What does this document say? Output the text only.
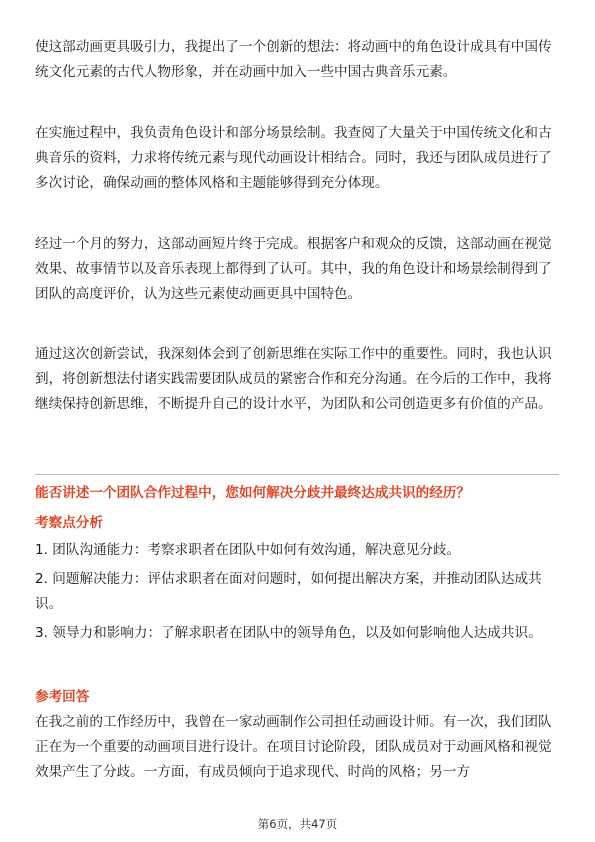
使这部动画更具吸引力，我提出了一个创新的想法：将动画中的角色设计成具有中国传统文化元素的古代人物形象，并在动画中加入一些中国古典音乐元素。

在实施过程中，我负责角色设计和部分场景绘制。我查阅了大量关于中国传统文化和古典音乐的资料，力求将传统元素与现代动画设计相结合。同时，我还与团队成员进行了多次讨论，确保动画的整体风格和主题能够得到充分体现。

经过一个月的努力，这部动画短片终于完成。根据客户和观众的反馈，这部动画在视觉效果、故事情节以及音乐表现上都得到了认可。其中，我的角色设计和场景绘制得到了团队的高度评价，认为这些元素使动画更具中国特色。

通过这次创新尝试，我深刻体会到了创新思维在实际工作中的重要性。同时，我也认识到，将创新想法付诸实践需要团队成员的紧密合作和充分沟通。在今后的工作中，我将继续保持创新思维，不断提升自己的设计水平，为团队和公司创造更多有价值的产品。

能否讲述一个团队合作过程中，您如何解决分歧并最终达成共识的经历？

考察点分析

1. 团队沟通能力：考察求职者在团队中如何有效沟通，解决意见分歧。
2. 问题解决能力：评估求职者在面对问题时，如何提出解决方案，并推动团队达成共识。
3. 领导力和影响力：了解求职者在团队中的领导角色，以及如何影响他人达成共识。

参考回答

在我之前的工作经历中，我曾在一家动画制作公司担任动画设计师。有一次，我们团队正在为一个重要的动画项目进行设计。在项目讨论阶段，团队成员对于动画风格和视觉效果产生了分歧。一方面，有成员倾向于追求现代、时尚的风格；另一方

第6页，共47页
